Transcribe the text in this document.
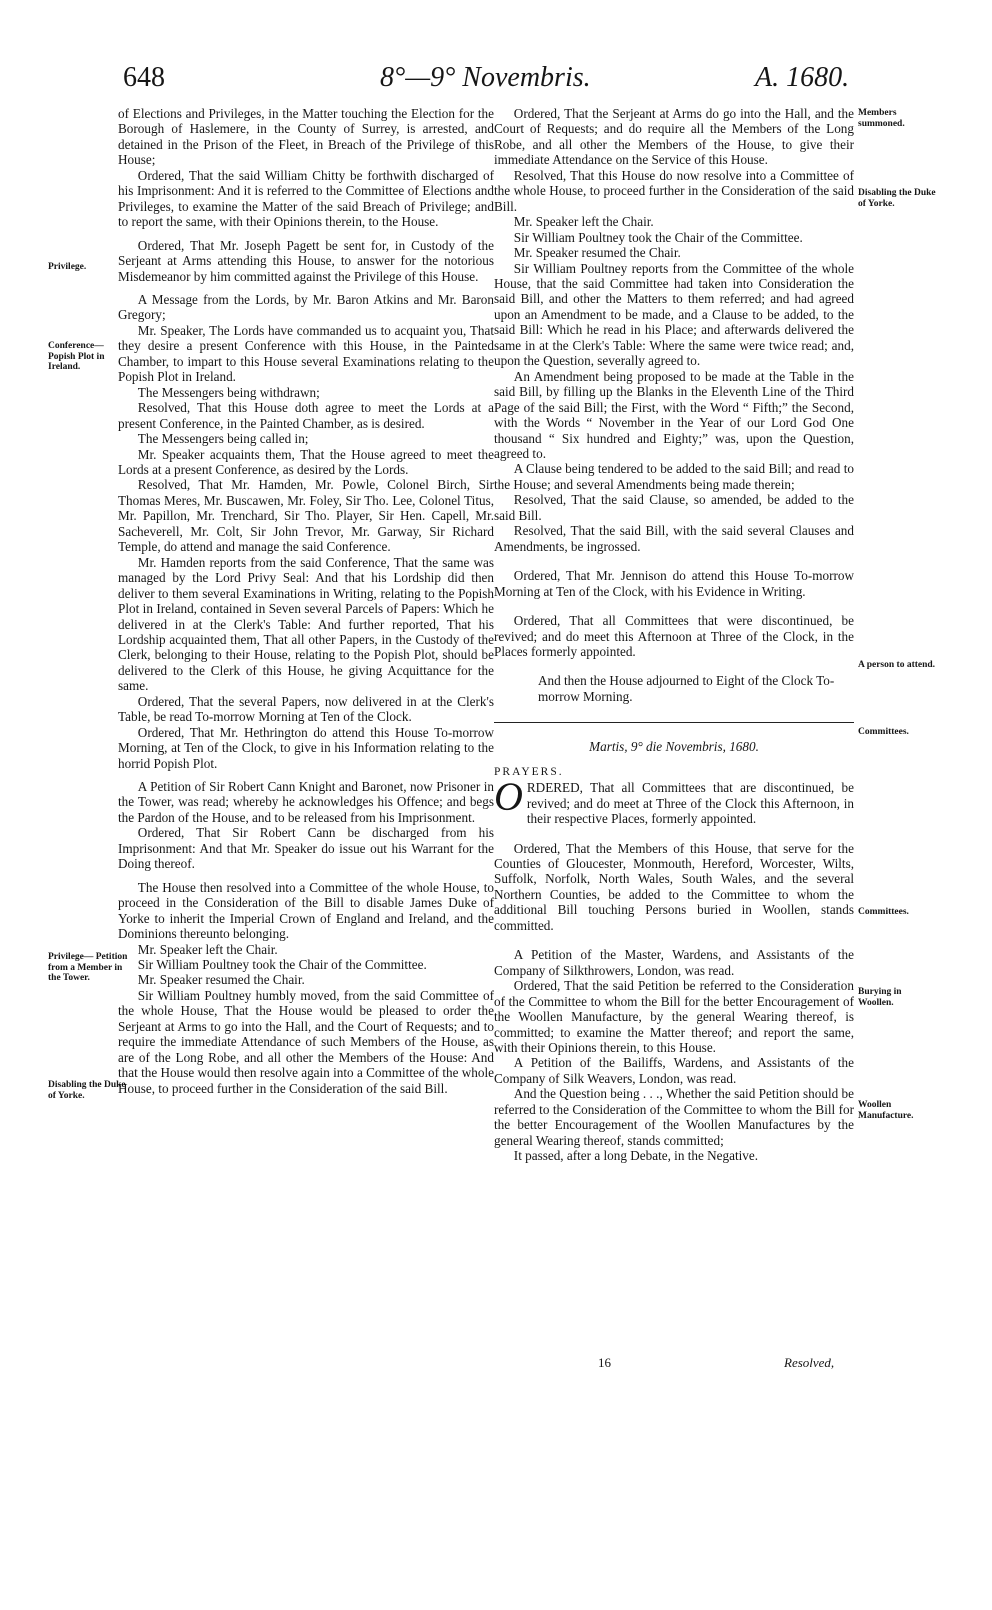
648	8°—9° Novembris.	A. 1680.
Privilege.
Conference— Popish Plot in Ireland.
Privilege— Petition from a Member in the Tower.
Disabling the Duke of Yorke.
Members summoned.
Disabling the Duke of Yorke.
A person to attend.
Committees.
Committees.
Burying in Woollen.
Woollen Manufacture.

of Elections and Privileges, in the Matter touching the Election for the Borough of Haslemere, in the County of Surrey, is arrested, and detained in the Prison of the Fleet, in Breach of the Privilege of this House;

Ordered, That the said William Chitty be forthwith discharged of his Imprisonment: And it is referred to the Committee of Elections and Privileges, to examine the Matter of the said Breach of Privilege; and to report the same, with their Opinions therein, to the House.

Ordered, That Mr. Joseph Pagett be sent for, in Custody of the Serjeant at Arms attending this House, to answer for the notorious Misdemeanor by him committed against the Privilege of this House.

A Message from the Lords, by Mr. Baron Atkins and Mr. Baron Gregory;

Mr. Speaker, The Lords have commanded us to acquaint you, That they desire a present Conference with this House, in the Painted Chamber, to impart to this House several Examinations relating to the Popish Plot in Ireland.

The Messengers being withdrawn;

Resolved, That this House doth agree to meet the Lords at a present Conference, in the Painted Chamber, as is desired.

The Messengers being called in;

Mr. Speaker acquaints them, That the House agreed to meet the Lords at a present Conference, as desired by the Lords.

Resolved, That Mr. Hamden, Mr. Powle, Colonel Birch, Sir Thomas Meres, Mr. Buscawen, Mr. Foley, Sir Tho. Lee, Colonel Titus, Mr. Papillon, Mr. Trenchard, Sir Tho. Player, Sir Hen. Capell, Mr. Sacheverell, Mr. Colt, Sir John Trevor, Mr. Garway, Sir Richard Temple, do attend and manage the said Conference.

Mr. Hamden reports from the said Conference, That the same was managed by the Lord Privy Seal: And that his Lordship did then deliver to them several Examinations in Writing, relating to the Popish Plot in Ireland, contained in Seven several Parcels of Papers: Which he delivered in at the Clerk's Table: And further reported, That his Lordship acquainted them, That all other Papers, in the Custody of the Clerk, belonging to their House, relating to the Popish Plot, should be delivered to the Clerk of this House, he giving Acquittance for the same.

Ordered, That the several Papers, now delivered in at the Clerk's Table, be read To-morrow Morning at Ten of the Clock.

Ordered, That Mr. Hethrington do attend this House To-morrow Morning, at Ten of the Clock, to give in his Information relating to the horrid Popish Plot.

A Petition of Sir Robert Cann Knight and Baronet, now Prisoner in the Tower, was read; whereby he acknowledges his Offence; and begs the Pardon of the House, and to be released from his Imprisonment.

Ordered, That Sir Robert Cann be discharged from his Imprisonment: And that Mr. Speaker do issue out his Warrant for the Doing thereof.

The House then resolved into a Committee of the whole House, to proceed in the Consideration of the Bill to disable James Duke of Yorke to inherit the Imperial Crown of England and Ireland, and the Dominions thereunto belonging.

Mr. Speaker left the Chair.

Sir William Poultney took the Chair of the Committee.

Mr. Speaker resumed the Chair.

Sir William Poultney humbly moved, from the said Committee of the whole House, That the House would be pleased to order the Serjeant at Arms to go into the Hall, and the Court of Requests; and to require the immediate Attendance of such Members of the House, as are of the Long Robe, and all other the Members of the House: And that the House would then resolve again into a Committee of the whole House, to proceed further in the Consideration of the said Bill.

Ordered, That the Serjeant at Arms do go into the Hall, and the Court of Requests; and do require all the Members of the Long Robe, and all other the Members of the House, to give their immediate Attendance on the Service of this House.

Resolved, That this House do now resolve into a Committee of the whole House, to proceed further in the Consideration of the said Bill.

Mr. Speaker left the Chair.

Sir William Poultney took the Chair of the Committee.

Mr. Speaker resumed the Chair.

Sir William Poultney reports from the Committee of the whole House, that the said Committee had taken into Consideration the said Bill, and other the Matters to them referred; and had agreed upon an Amendment to be made, and a Clause to be added, to the said Bill: Which he read in his Place; and afterwards delivered the same in at the Clerk's Table: Where the same were twice read; and, upon the Question, severally agreed to.

An Amendment being proposed to be made at the Table in the said Bill, by filling up the Blanks in the Eleventh Line of the Third Page of the said Bill; the First, with the Word “ Fifth;” the Second, with the Words “ November in the Year of our Lord God One thousand “ Six hundred and Eighty;” was, upon the Question, agreed to.

A Clause being tendered to be added to the said Bill; and read to the House; and several Amendments being made therein;

Resolved, That the said Clause, so amended, be added to the said Bill.

Resolved, That the said Bill, with the said several Clauses and Amendments, be ingrossed.

Ordered, That Mr. Jennison do attend this House To-morrow Morning at Ten of the Clock, with his Evidence in Writing.

Ordered, That all Committees that were discontinued, be revived; and do meet this Afternoon at Three of the Clock, in the Places formerly appointed.

And then the House adjourned to Eight of the Clock To-morrow Morning.

Martis, 9° die Novembris, 1680.

PRAYERS.

ORDERED, That all Committees that are discontinued, be revived; and do meet at Three of the Clock this Afternoon, in their respective Places, formerly appointed.

Ordered, That the Members of this House, that serve for the Counties of Gloucester, Monmouth, Hereford, Worcester, Wilts, Suffolk, Norfolk, North Wales, South Wales, and the several Northern Counties, be added to the Committee to whom the additional Bill touching Persons buried in Woollen, stands committed.

A Petition of the Master, Wardens, and Assistants of the Company of Silkthrowers, London, was read.

Ordered, That the said Petition be referred to the Consideration of the Committee to whom the Bill for the better Encouragement of the Woollen Manufacture, by the general Wearing thereof, is committed; to examine the Matter thereof; and report the same, with their Opinions therein, to this House.

A Petition of the Bailiffs, Wardens, and Assistants of the Company of Silk Weavers, London, was read.

And the Question being . . ., Whether the said Petition should be referred to the Consideration of the Committee to whom the Bill for the better Encouragement of the Woollen Manufactures by the general Wearing thereof, stands committed;

It passed, after a long Debate, in the Negative.

16	Resolved,
